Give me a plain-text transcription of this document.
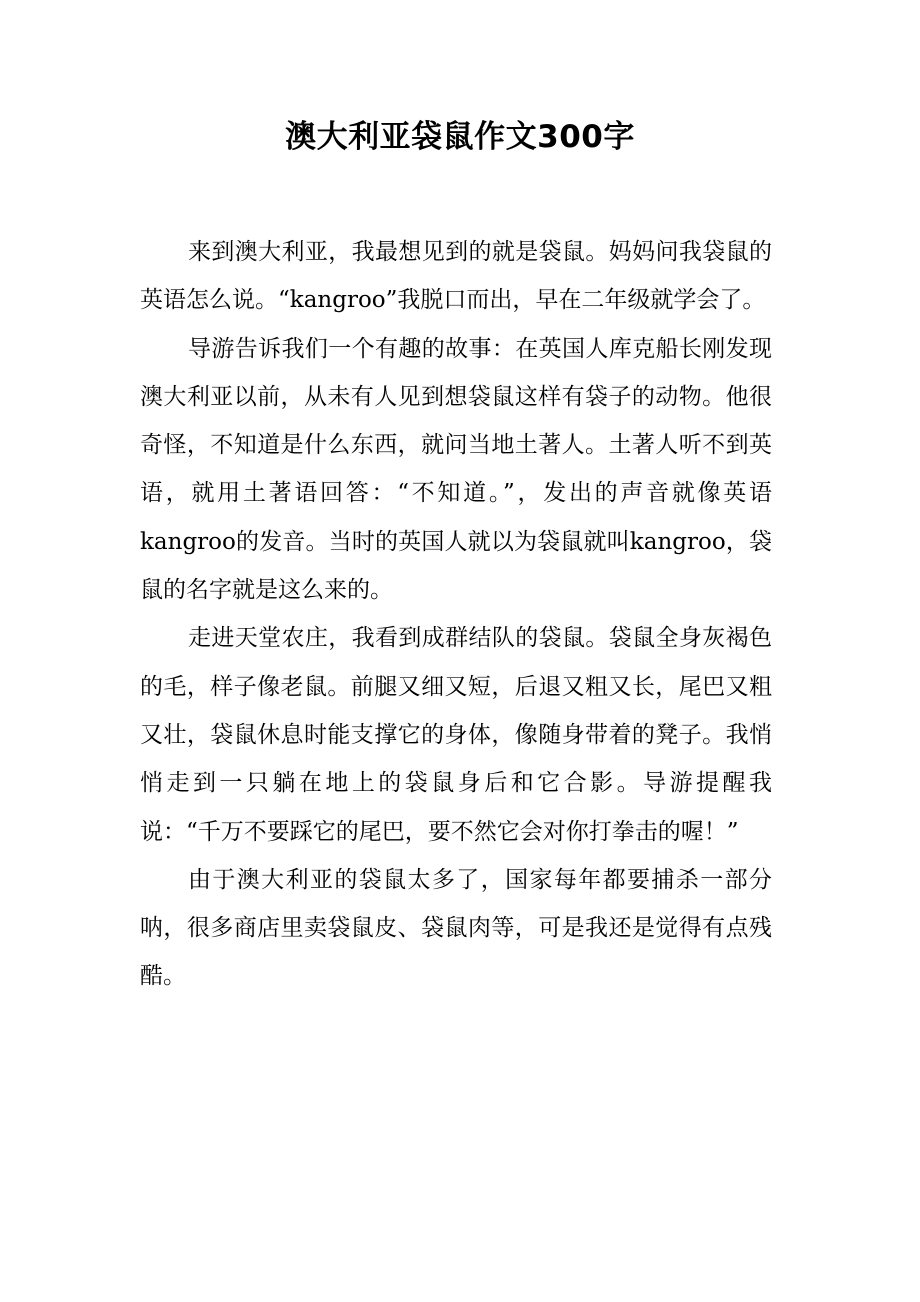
澳大利亚袋鼠作文300字

来到澳大利亚，我最想见到的就是袋鼠。妈妈问我袋鼠的英语怎么说。“kangroo”我脱口而出，早在二年级就学会了。

导游告诉我们一个有趣的故事：在英国人库克船长刚发现澳大利亚以前，从未有人见到想袋鼠这样有袋子的动物。他很奇怪，不知道是什么东西，就问当地土著人。土著人听不到英语，就用土著语回答：“不知道。”，发出的声音就像英语kangroo的发音。当时的英国人就以为袋鼠就叫kangroo，袋鼠的名字就是这么来的。

走进天堂农庄，我看到成群结队的袋鼠。袋鼠全身灰褐色的毛，样子像老鼠。前腿又细又短，后退又粗又长，尾巴又粗又壮，袋鼠休息时能支撑它的身体，像随身带着的凳子。我悄悄走到一只躺在地上的袋鼠身后和它合影。导游提醒我说：“千万不要踩它的尾巴，要不然它会对你打拳击的喔！”

由于澳大利亚的袋鼠太多了，国家每年都要捕杀一部分呐，很多商店里卖袋鼠皮、袋鼠肉等，可是我还是觉得有点残酷。
